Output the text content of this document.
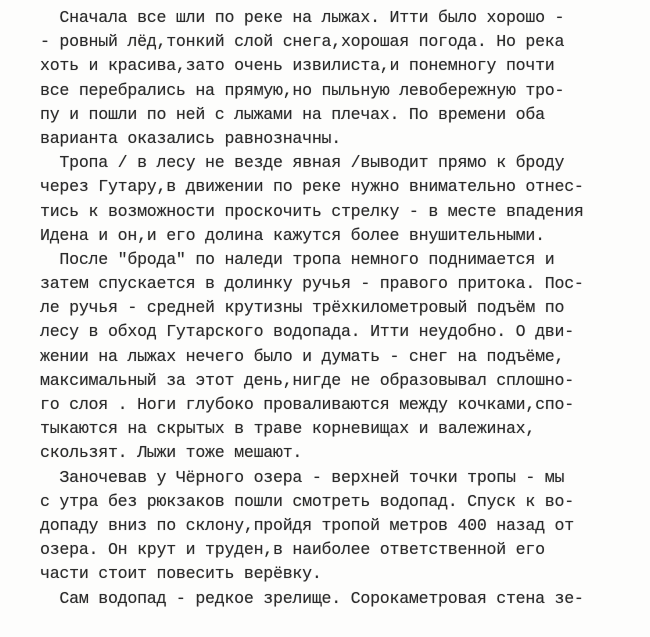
Сначала все шли по реке на лыжах. Итти было хорошо -
- ровный лёд,тонкий слой снега,хорошая погода. Но река
хоть и красива,зато очень извилиста,и понемногу почти
все перебрались на прямую,но пыльную левобережную тро-
пу и пошли по ней с лыжами на плечах. По времени оба
варианта оказались равнозначны.
Тропа / в лесу не везде явная /выводит прямо к броду
через Гутару,в движении по реке нужно внимательно отнес-
тись к возможности проскочить стрелку - в месте впадения
Идена и он,и его долина кажутся более внушительными.
После "брода" по наледи тропа немного поднимается и
затем спускается в долинку ручья - правого притока. Пос-
ле ручья - средней крутизны трёхкилометровый подъём по
лесу в обход Гутарского водопада. Итти неудобно. О дви-
жении на лыжах нечего было и думать - снег на подъёме,
максимальный за этот день,нигде не образовывал сплошно-
го слоя . Ноги глубоко проваливаются между кочками,спо-
тыкаются на скрытых в траве корневищах и валежинах,
скользят. Лыжи тоже мешают.
Заночевав у Чёрного озера - верхней точки тропы - мы
с утра без рюкзаков пошли смотреть водопад. Спуск к во-
допаду вниз по склону,пройдя тропой метров 400 назад от
озера. Он крут и труден,в наиболее ответственной его
части стоит повесить верёвку.
Сам водопад - редкое зрелище. Сорокаметровая стена зе-
